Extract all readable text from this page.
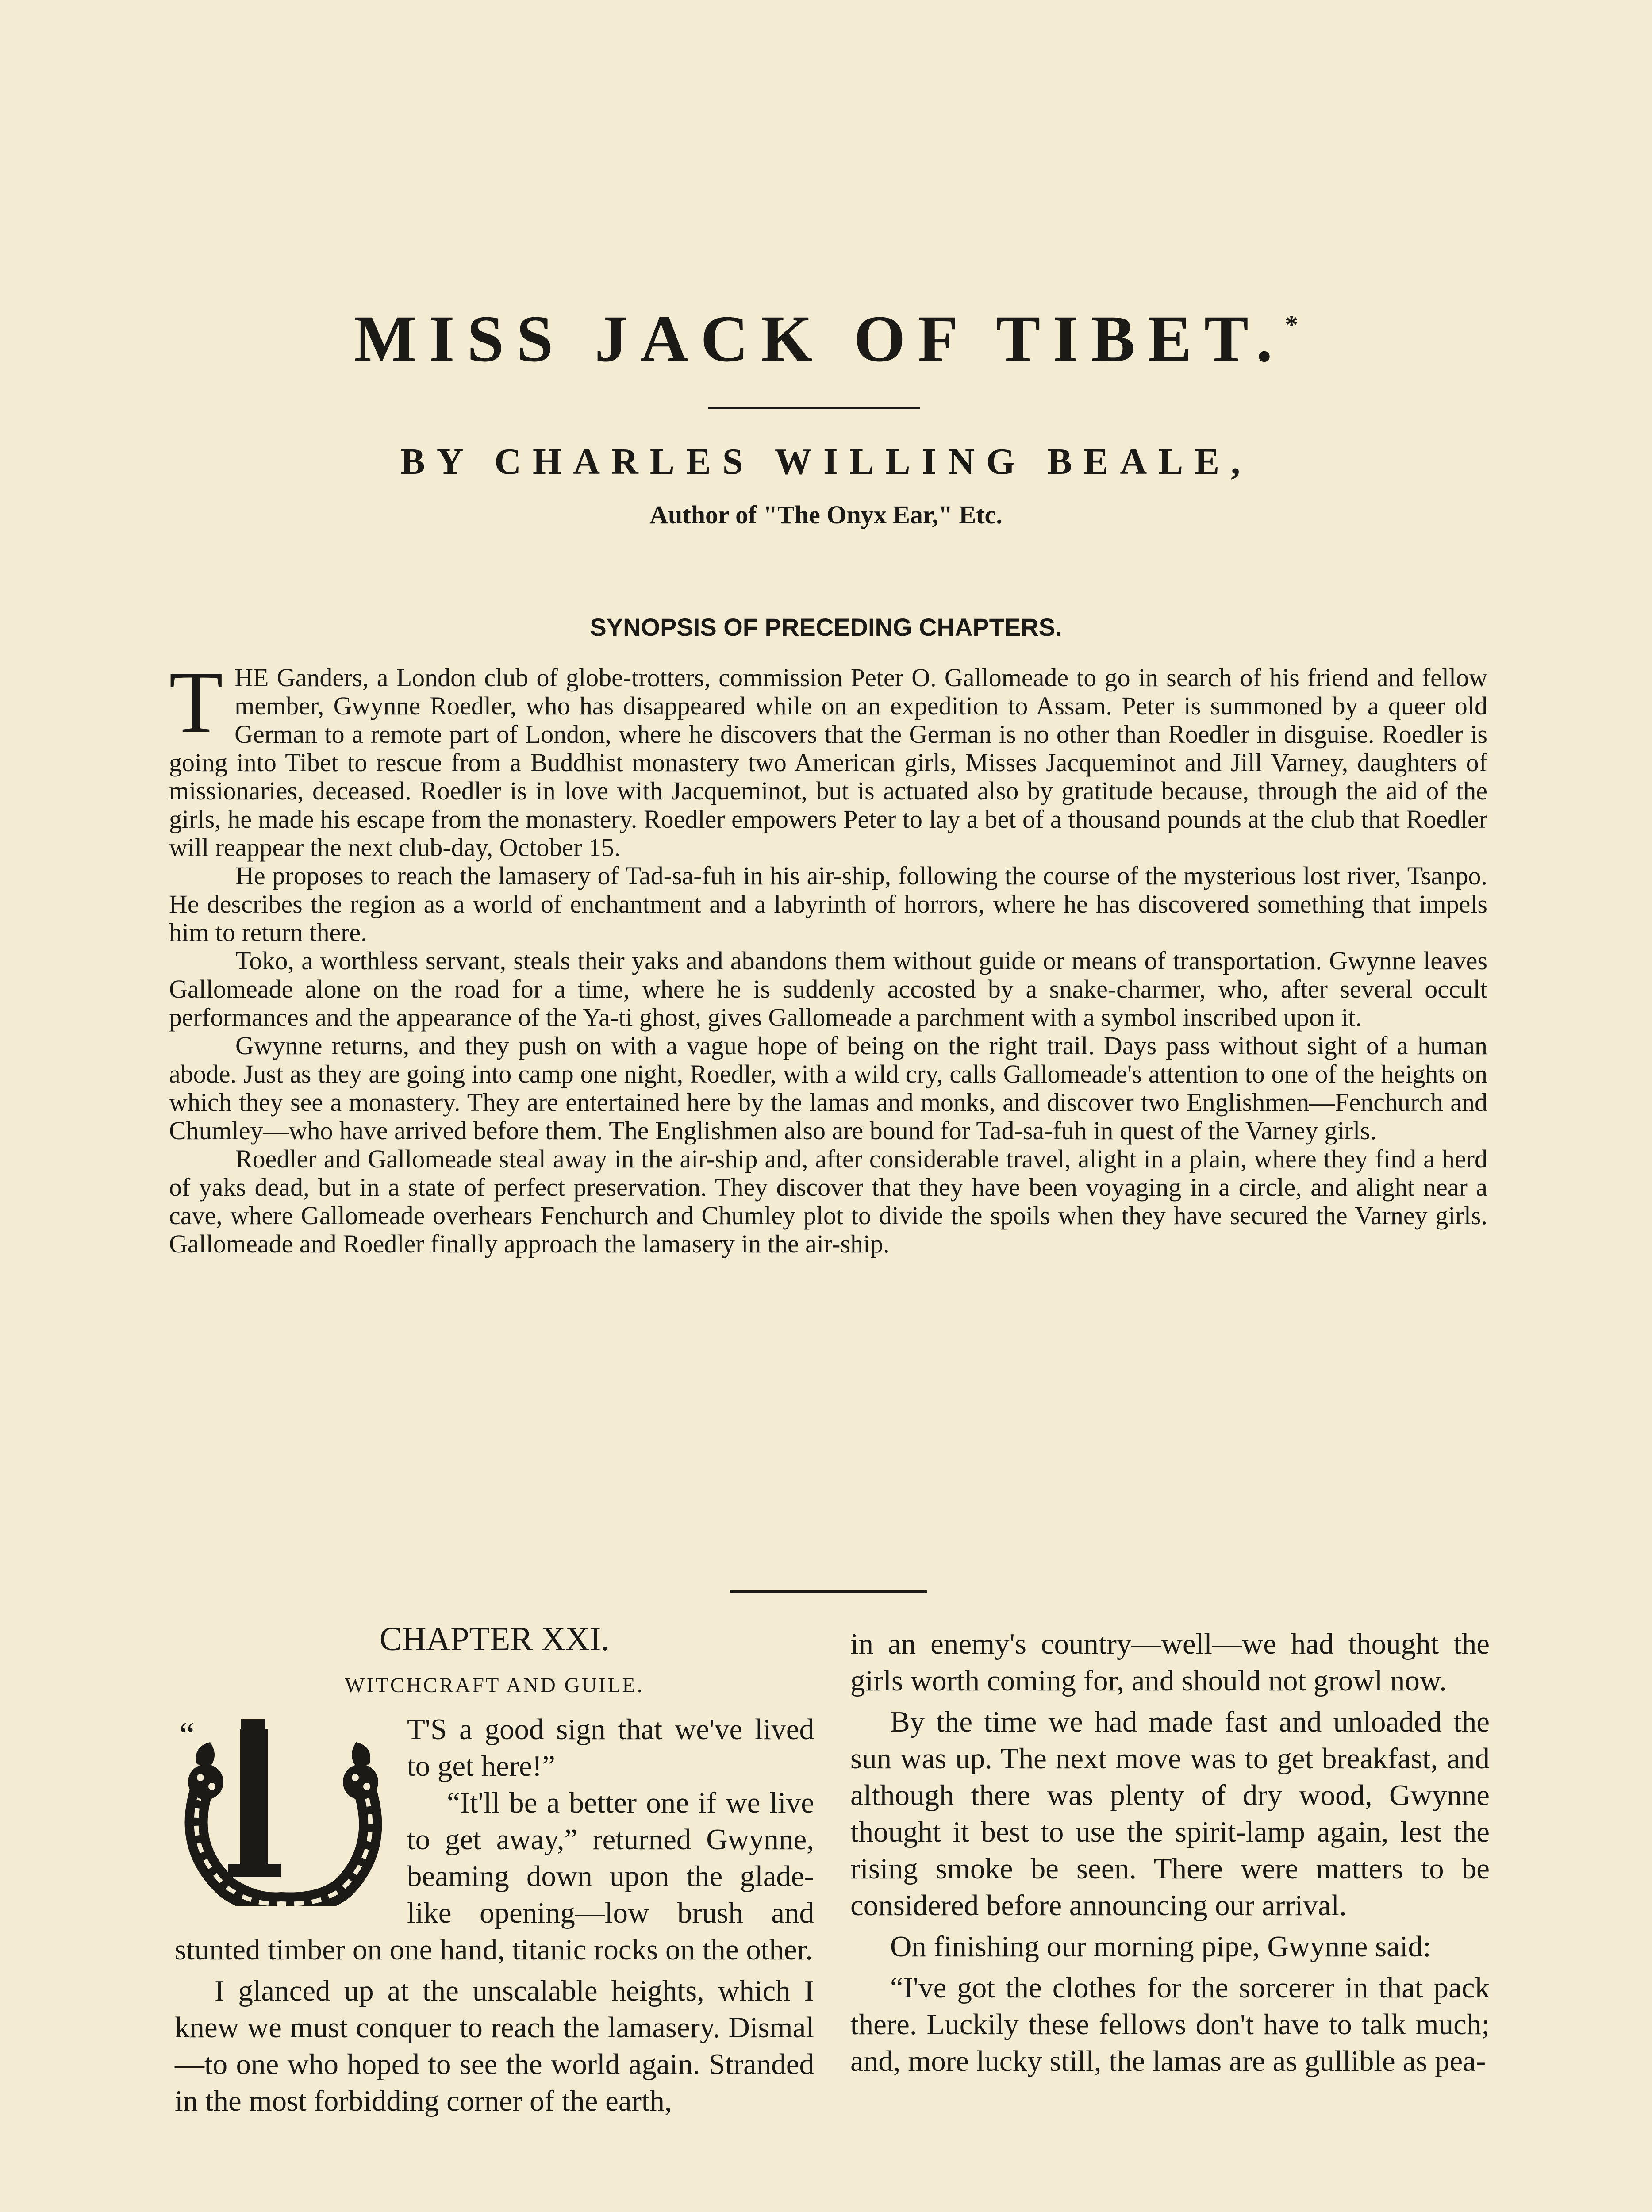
MISS JACK OF TIBET.*
BY CHARLES WILLING BEALE,
Author of "The Onyx Ear," Etc.
SYNOPSIS OF PRECEDING CHAPTERS.

THE Ganders, a London club of globe-trotters, commission Peter O. Gallomeade to go in search of his friend and fellow member, Gwynne Roedler, who has disappeared while on an expedition to Assam. Peter is summoned by a queer old German to a remote part of London, where he discovers that the German is no other than Roedler in disguise. Roedler is going into Tibet to rescue from a Buddhist monastery two American girls, Misses Jacqueminot and Jill Varney, daughters of missionaries, deceased. Roedler is in love with Jacqueminot, but is actuated also by gratitude because, through the aid of the girls, he made his escape from the monastery. Roedler empowers Peter to lay a bet of a thousand pounds at the club that Roedler will reappear the next club-day, October 15.

He proposes to reach the lamasery of Tad-sa-fuh in his air-ship, following the course of the mysterious lost river, Tsanpo. He describes the region as a world of enchantment and a labyrinth of horrors, where he has discovered something that impels him to return there.

Toko, a worthless servant, steals their yaks and abandons them without guide or means of transportation. Gwynne leaves Gallomeade alone on the road for a time, where he is suddenly accosted by a snake-charmer, who, after several occult performances and the appearance of the Ya-ti ghost, gives Gallomeade a parchment with a symbol inscribed upon it.

Gwynne returns, and they push on with a vague hope of being on the right trail. Days pass without sight of a human abode. Just as they are going into camp one night, Roedler, with a wild cry, calls Gallomeade's attention to one of the heights on which they see a monastery. They are entertained here by the lamas and monks, and discover two Englishmen—Fenchurch and Chumley—who have arrived before them. The Englishmen also are bound for Tad-sa-fuh in quest of the Varney girls.

Roedler and Gallomeade steal away in the air-ship and, after considerable travel, alight in a plain, where they find a herd of yaks dead, but in a state of perfect preservation. They discover that they have been voyaging in a circle, and alight near a cave, where Gallomeade overhears Fenchurch and Chumley plot to divide the spoils when they have secured the Varney girls. Gallomeade and Roedler finally approach the lamasery in the air-ship.

CHAPTER XXI.
WITCHCRAFT AND GUILE.
“	T'S a good sign that we've lived to get here!”

“It'll be a better one if we live to get away,” returned Gwynne, beaming down upon the glade-like opening—low brush and stunted timber on one hand, titanic rocks on the other.

I glanced up at the unscalable heights, which I knew we must conquer to reach the lamasery. Dismal—to one who hoped to see the world again. Stranded in the most forbidding corner of the earth,

in an enemy's country—well—we had thought the girls worth coming for, and should not growl now.

By the time we had made fast and unloaded the sun was up. The next move was to get breakfast, and although there was plenty of dry wood, Gwynne thought it best to use the spirit-lamp again, lest the rising smoke be seen. There were matters to be considered before announcing our arrival.

On finishing our morning pipe, Gwynne said:

“I've got the clothes for the sorcerer in that pack there. Luckily these fellows don't have to talk much; and, more lucky still, the lamas are as gullible as pea-
